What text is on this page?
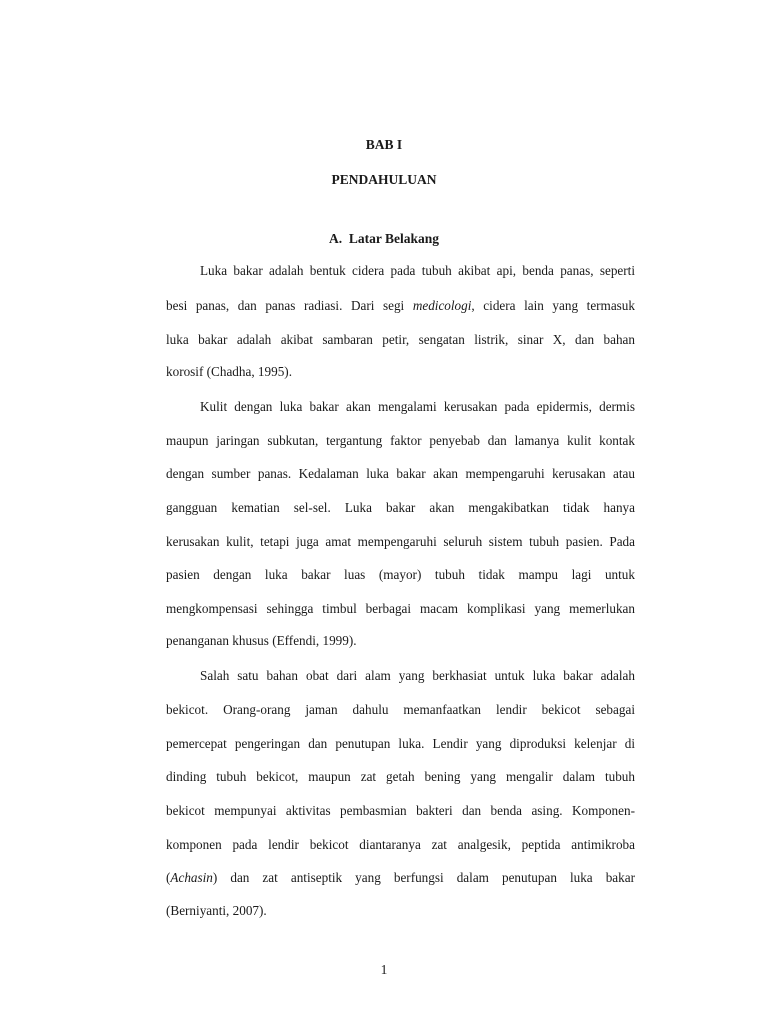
BAB I
PENDAHULUAN
A. Latar Belakang
Luka bakar adalah bentuk cidera pada tubuh akibat api, benda panas, seperti
besi panas, dan panas radiasi. Dari segi medicologi, cidera lain yang termasuk
luka bakar adalah akibat sambaran petir, sengatan listrik, sinar X, dan bahan
korosif (Chadha, 1995).
Kulit dengan luka bakar akan mengalami kerusakan pada epidermis, dermis
maupun jaringan subkutan, tergantung faktor penyebab dan lamanya kulit kontak
dengan sumber panas. Kedalaman luka bakar akan mempengaruhi kerusakan atau
gangguan kematian sel-sel. Luka bakar akan mengakibatkan tidak hanya
kerusakan kulit, tetapi juga amat mempengaruhi seluruh sistem tubuh pasien. Pada
pasien dengan luka bakar luas (mayor) tubuh tidak mampu lagi untuk
mengkompensasi sehingga timbul berbagai macam komplikasi yang memerlukan
penanganan khusus (Effendi, 1999).
Salah satu bahan obat dari alam yang berkhasiat untuk luka bakar adalah
bekicot. Orang-orang jaman dahulu memanfaatkan lendir bekicot sebagai
pemercepat pengeringan dan penutupan luka. Lendir yang diproduksi kelenjar di
dinding tubuh bekicot, maupun zat getah bening yang mengalir dalam tubuh
bekicot mempunyai aktivitas pembasmian bakteri dan benda asing. Komponen-
komponen pada lendir bekicot diantaranya zat analgesik, peptida antimikroba
(Achasin) dan zat antiseptik yang berfungsi dalam penutupan luka bakar
(Berniyanti, 2007).
1
